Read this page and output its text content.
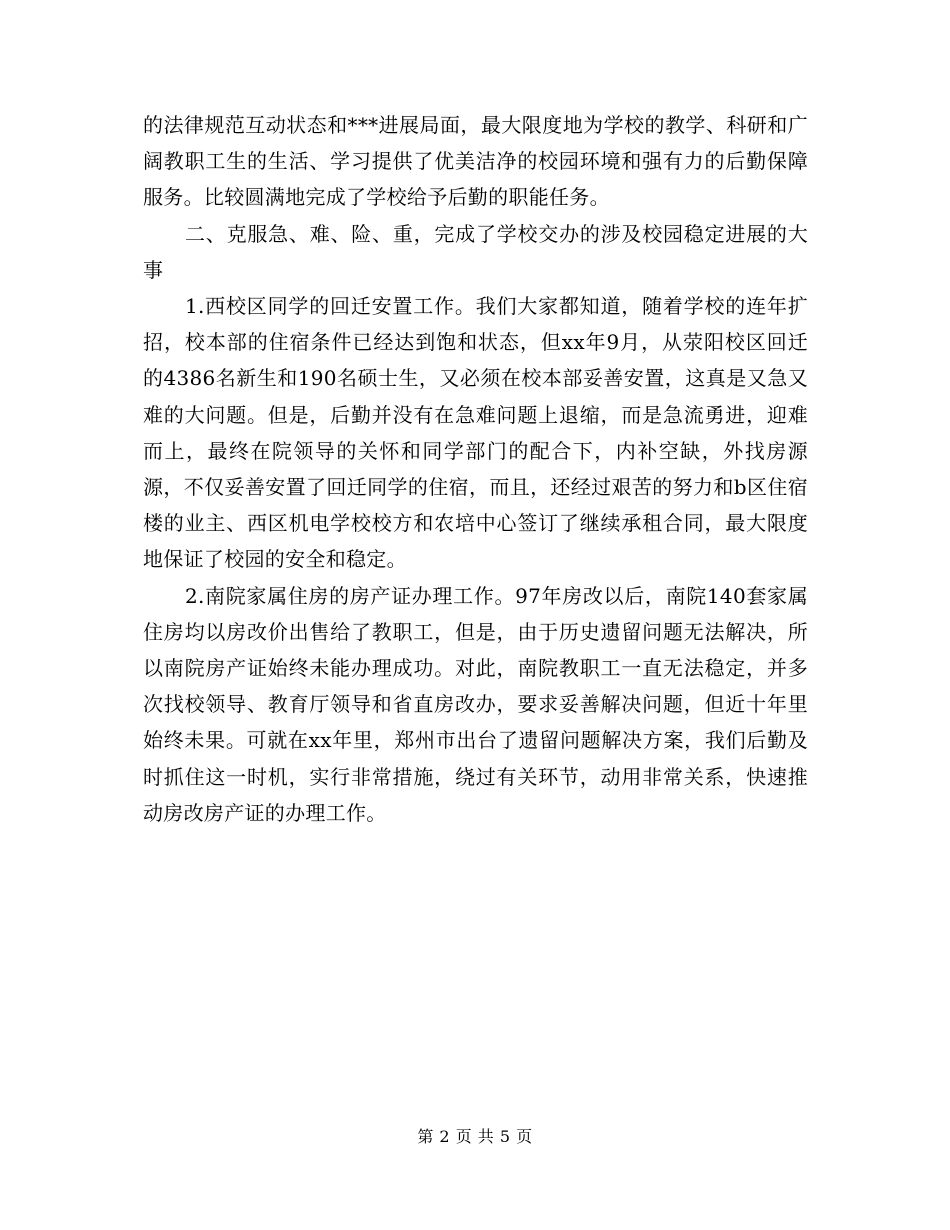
的法律规范互动状态和***进展局面，最大限度地为学校的教学、科研和广阔教职工生的生活、学习提供了优美洁净的校园环境和强有力的后勤保障服务。比较圆满地完成了学校给予后勤的职能任务。

二、克服急、难、险、重，完成了学校交办的涉及校园稳定进展的大事

1.西校区同学的回迁安置工作。我们大家都知道，随着学校的连年扩招，校本部的住宿条件已经达到饱和状态，但xx年9月，从荥阳校区回迁的4386名新生和190名硕士生，又必须在校本部妥善安置，这真是又急又难的大问题。但是，后勤并没有在急难问题上退缩，而是急流勇进，迎难而上，最终在院领导的关怀和同学部门的配合下，内补空缺，外找房源源，不仅妥善安置了回迁同学的住宿，而且，还经过艰苦的努力和b区住宿楼的业主、西区机电学校校方和农培中心签订了继续承租合同，最大限度地保证了校园的安全和稳定。

2.南院家属住房的房产证办理工作。97年房改以后，南院140套家属住房均以房改价出售给了教职工，但是，由于历史遗留问题无法解决，所以南院房产证始终未能办理成功。对此，南院教职工一直无法稳定，并多次找校领导、教育厅领导和省直房改办，要求妥善解决问题，但近十年里始终未果。可就在xx年里，郑州市出台了遗留问题解决方案，我们后勤及时抓住这一时机，实行非常措施，绕过有关环节，动用非常关系，快速推动房改房产证的办理工作。

第 2 页 共 5 页
